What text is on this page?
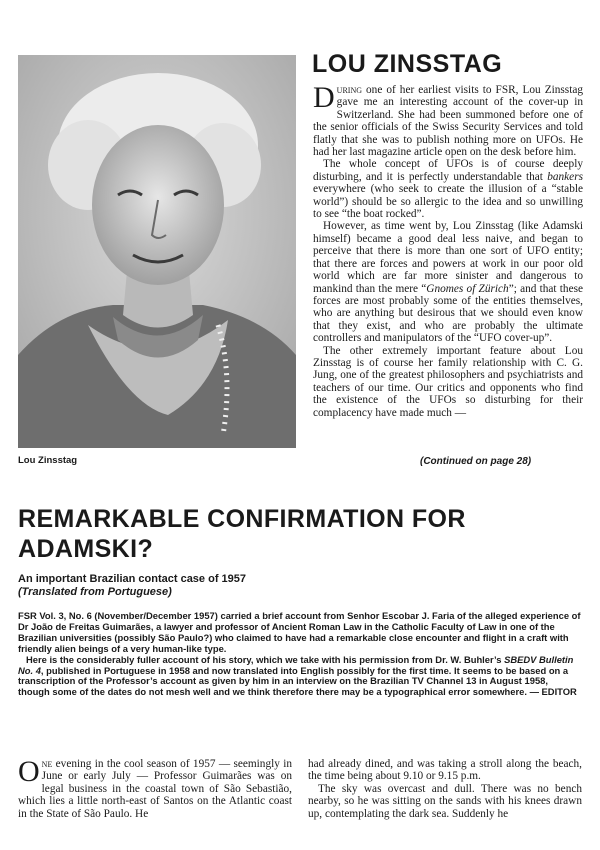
Lou Zinsstag
LOU ZINSSTAG

During one of her earliest visits to FSR, Lou Zinsstag gave me an interesting account of the cover-up in Switzerland. She had been summoned before one of the senior officials of the Swiss Security Services and told flatly that she was to publish nothing more on UFOs. He had her last magazine article open on the desk before him.

The whole concept of UFOs is of course deeply disturbing, and it is perfectly understandable that bankers everywhere (who seek to create the illusion of a “stable world”) should be so allergic to the idea and so unwilling to see “the boat rocked”.

However, as time went by, Lou Zinsstag (like Adamski himself) became a good deal less naive, and began to perceive that there is more than one sort of UFO entity; that there are forces and powers at work in our poor old world which are far more sinister and dangerous to mankind than the mere “Gnomes of Zürich”; and that these forces are most probably some of the entities themselves, who are anything but desirous that we should even know that they exist, and who are probably the ultimate controllers and manipulators of the “UFO cover-up”.

The other extremely important feature about Lou Zinsstag is of course her family relationship with C. G. Jung, one of the greatest philosophers and psychiatrists and teachers of our time. Our critics and opponents who find the existence of the UFOs so disturbing for their complacency have made much —

(Continued on page 28)
REMARKABLE CONFIRMATION FOR ADAMSKI?
An important Brazilian contact case of 1957
(Translated from Portuguese)

FSR Vol. 3, No. 6 (November/December 1957) carried a brief account from Senhor Escobar J. Faria of the alleged experience of Dr João de Freitas Guimarães, a lawyer and professor of Ancient Roman Law in the Catholic Faculty of Law in one of the Brazilian universities (possibly São Paulo?) who claimed to have had a remarkable close encounter and flight in a craft with friendly alien beings of a very human-like type.

Here is the considerably fuller account of his story, which we take with his permission from Dr. W. Buhler’s SBEDV Bulletin No. 4, published in Portuguese in 1958 and now translated into English possibly for the first time. It seems to be based on a transcription of the Professor’s account as given by him in an interview on the Brazilian TV Channel 13 in August 1958, though some of the dates do not mesh well and we think therefore there may be a typographical error somewhere. — EDITOR

One evening in the cool season of 1957 — seemingly in June or early July — Professor Guimarães was on legal business in the coastal town of São Sebastião, which lies a little north-east of Santos on the Atlantic coast in the State of São Paulo. He

had already dined, and was taking a stroll along the beach, the time being about 9.10 or 9.15 p.m.

The sky was overcast and dull. There was no bench nearby, so he was sitting on the sands with his knees drawn up, contemplating the dark sea. Suddenly he
